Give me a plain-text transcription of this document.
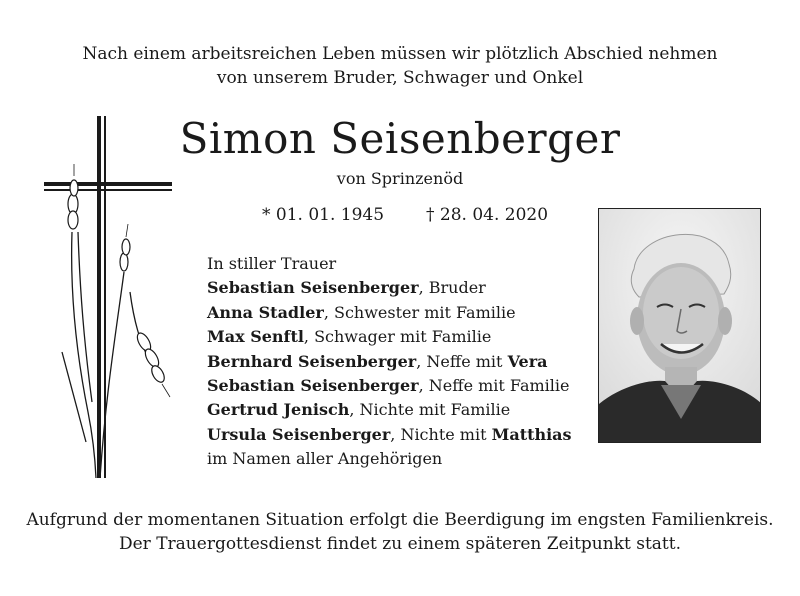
Nach einem arbeitsreichen Leben müssen wir plötzlich Abschied nehmen
von unserem Bruder, Schwager und Onkel
Simon Seisenberger
von Sprinzenöd
* 01. 01. 1945 † 28. 04. 2020
In stiller Trauer
Sebastian Seisenberger, Bruder
Anna Stadler, Schwester mit Familie
Max Senftl, Schwager mit Familie
Bernhard Seisenberger, Neffe mit Vera
Sebastian Seisenberger, Neffe mit Familie
Gertrud Jenisch, Nichte mit Familie
Ursula Seisenberger, Nichte mit Matthias
im Namen aller Angehörigen
Aufgrund der momentanen Situation erfolgt die Beerdigung im engsten Familienkreis.
Der Trauergottesdienst findet zu einem späteren Zeitpunkt statt.
